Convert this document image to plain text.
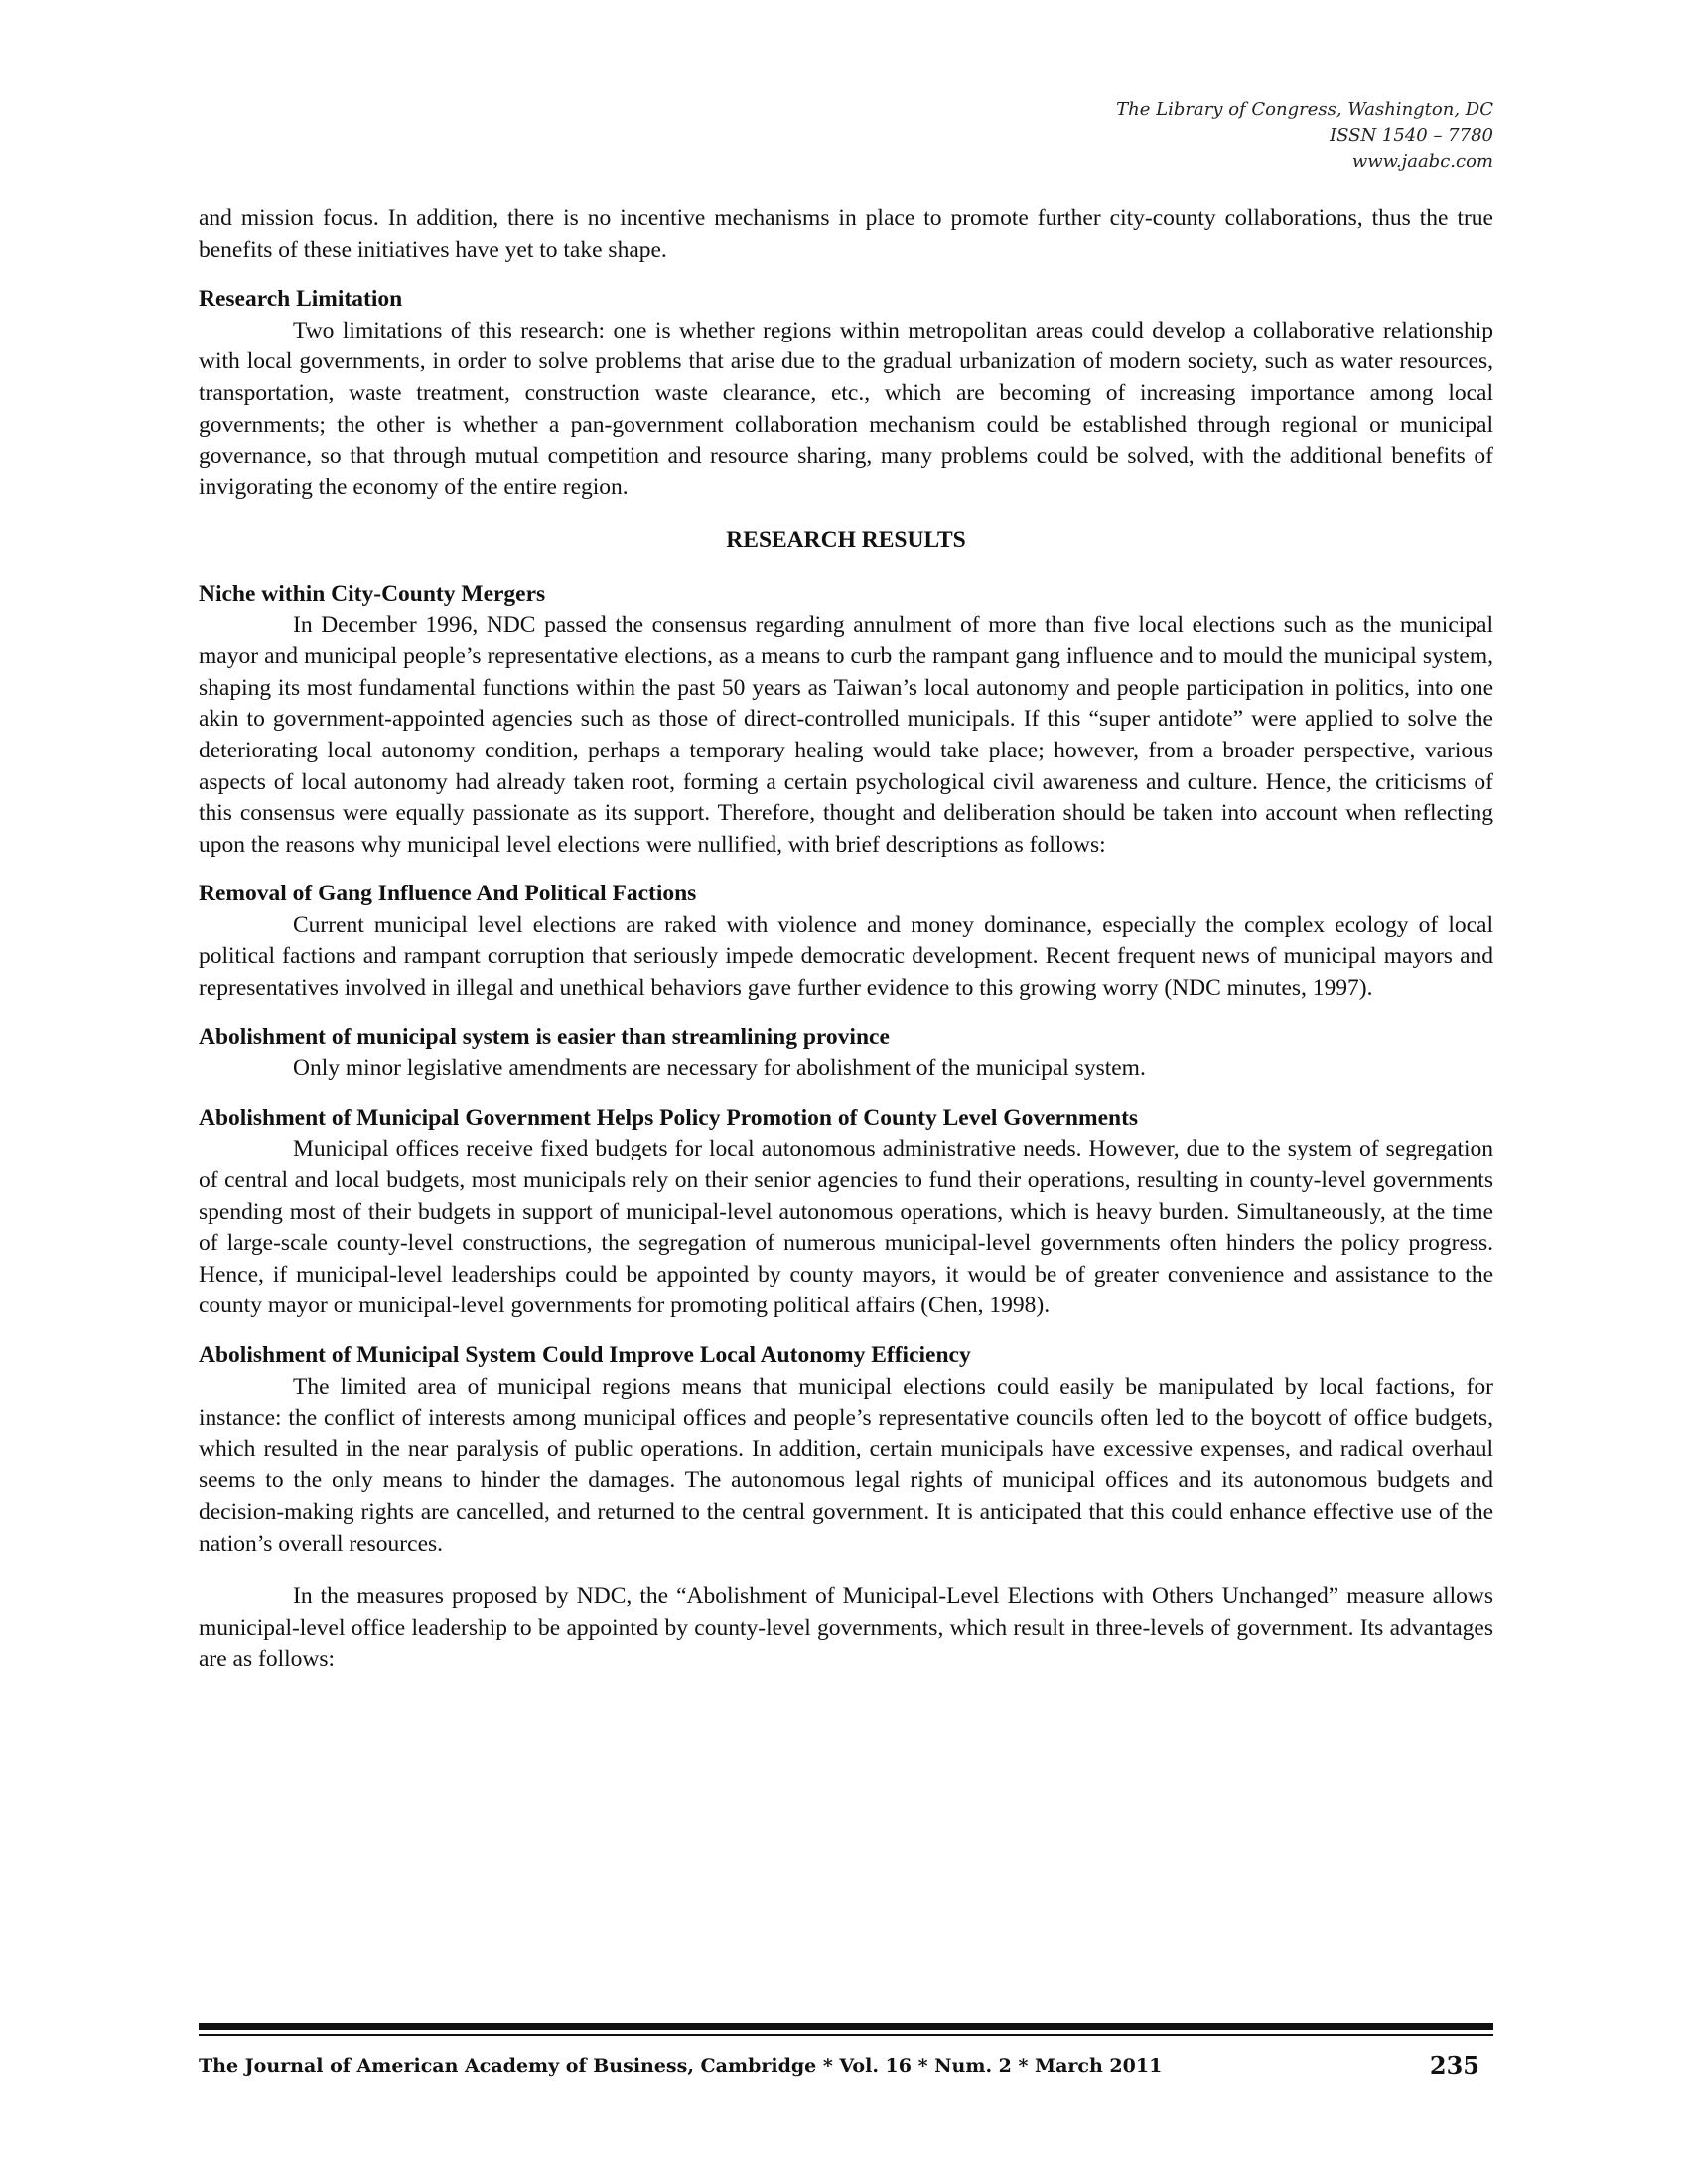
The Library of Congress, Washington, DC
ISSN 1540 – 7780
www.jaabc.com

and mission focus. In addition, there is no incentive mechanisms in place to promote further city-county collaborations, thus the true benefits of these initiatives have yet to take shape.

Research Limitation

Two limitations of this research: one is whether regions within metropolitan areas could develop a collaborative relationship with local governments, in order to solve problems that arise due to the gradual urbanization of modern society, such as water resources, transportation, waste treatment, construction waste clearance, etc., which are becoming of increasing importance among local governments; the other is whether a pan-government collaboration mechanism could be established through regional or municipal governance, so that through mutual competition and resource sharing, many problems could be solved, with the additional benefits of invigorating the economy of the entire region.

RESEARCH RESULTS
Niche within City-County Mergers

In December 1996, NDC passed the consensus regarding annulment of more than five local elections such as the municipal mayor and municipal people’s representative elections, as a means to curb the rampant gang influence and to mould the municipal system, shaping its most fundamental functions within the past 50 years as Taiwan’s local autonomy and people participation in politics, into one akin to government-appointed agencies such as those of direct-controlled municipals. If this “super antidote” were applied to solve the deteriorating local autonomy condition, perhaps a temporary healing would take place; however, from a broader perspective, various aspects of local autonomy had already taken root, forming a certain psychological civil awareness and culture. Hence, the criticisms of this consensus were equally passionate as its support. Therefore, thought and deliberation should be taken into account when reflecting upon the reasons why municipal level elections were nullified, with brief descriptions as follows:

Removal of Gang Influence And Political Factions

Current municipal level elections are raked with violence and money dominance, especially the complex ecology of local political factions and rampant corruption that seriously impede democratic development. Recent frequent news of municipal mayors and representatives involved in illegal and unethical behaviors gave further evidence to this growing worry (NDC minutes, 1997).

Abolishment of municipal system is easier than streamlining province

Only minor legislative amendments are necessary for abolishment of the municipal system.

Abolishment of Municipal Government Helps Policy Promotion of County Level Governments

Municipal offices receive fixed budgets for local autonomous administrative needs. However, due to the system of segregation of central and local budgets, most municipals rely on their senior agencies to fund their operations, resulting in county-level governments spending most of their budgets in support of municipal-level autonomous operations, which is heavy burden. Simultaneously, at the time of large-scale county-level constructions, the segregation of numerous municipal-level governments often hinders the policy progress. Hence, if municipal-level leaderships could be appointed by county mayors, it would be of greater convenience and assistance to the county mayor or municipal-level governments for promoting political affairs (Chen, 1998).

Abolishment of Municipal System Could Improve Local Autonomy Efficiency

The limited area of municipal regions means that municipal elections could easily be manipulated by local factions, for instance: the conflict of interests among municipal offices and people’s representative councils often led to the boycott of office budgets, which resulted in the near paralysis of public operations. In addition, certain municipals have excessive expenses, and radical overhaul seems to the only means to hinder the damages. The autonomous legal rights of municipal offices and its autonomous budgets and decision-making rights are cancelled, and returned to the central government. It is anticipated that this could enhance effective use of the nation’s overall resources.

In the measures proposed by NDC, the “Abolishment of Municipal-Level Elections with Others Unchanged” measure allows municipal-level office leadership to be appointed by county-level governments, which result in three-levels of government. Its advantages are as follows:

The Journal of American Academy of Business, Cambridge * Vol. 16 * Num. 2 * March 2011	235
